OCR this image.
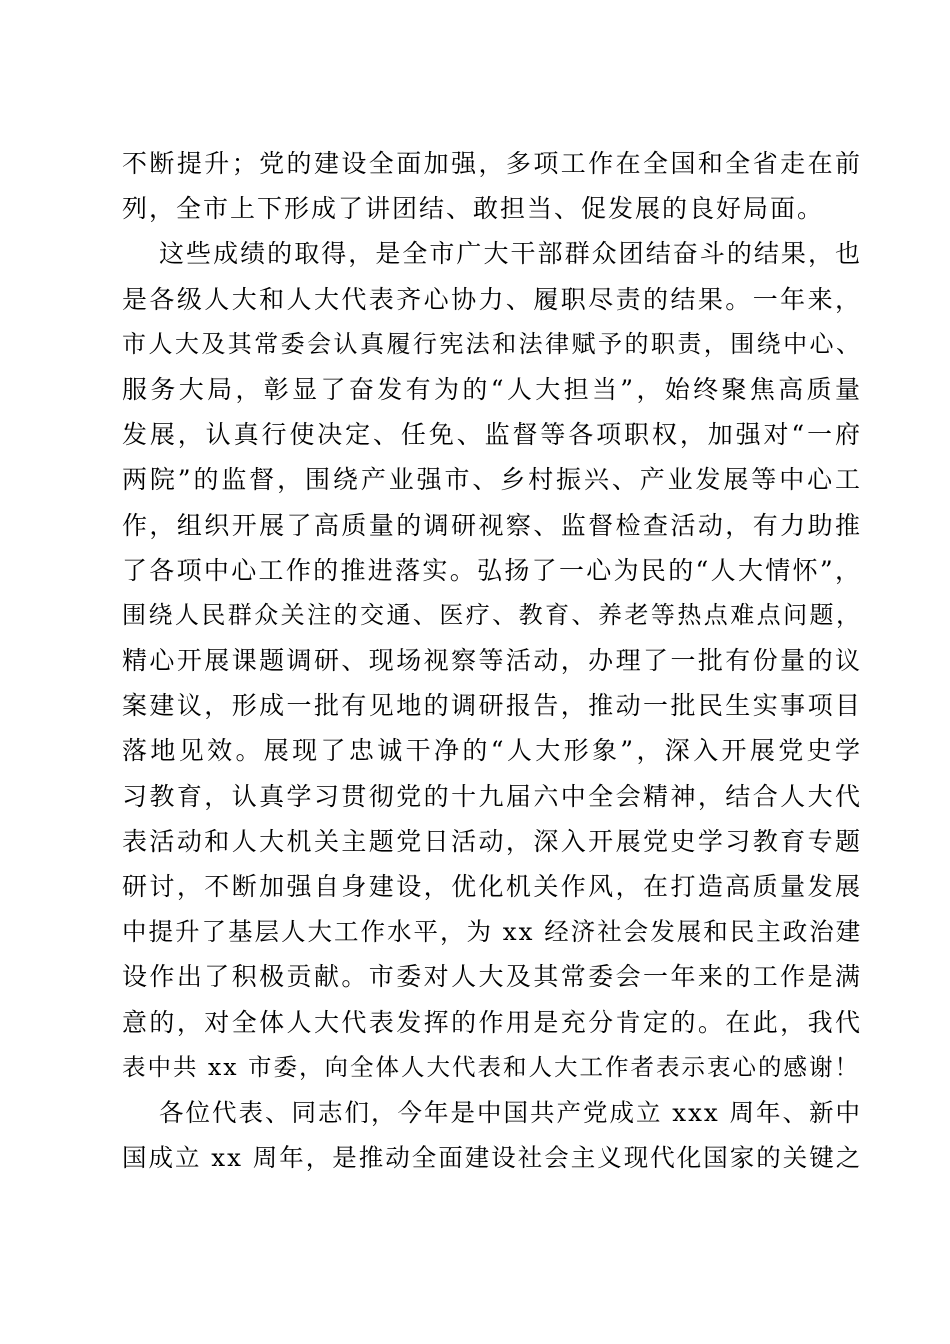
不断提升；党的建设全面加强，多项工作在全国和全省走在前
列，全市上下形成了讲团结、敢担当、促发展的良好局面。
这些成绩的取得，是全市广大干部群众团结奋斗的结果，也
是各级人大和人大代表齐心协力、履职尽责的结果。一年来，
市人大及其常委会认真履行宪法和法律赋予的职责，围绕中心、
服务大局，彰显了奋发有为的“人大担当”，始终聚焦高质量
发展，认真行使决定、任免、监督等各项职权，加强对“一府
两院”的监督，围绕产业强市、乡村振兴、产业发展等中心工
作，组织开展了高质量的调研视察、监督检查活动，有力助推
了各项中心工作的推进落实。弘扬了一心为民的“人大情怀”，
围绕人民群众关注的交通、医疗、教育、养老等热点难点问题，
精心开展课题调研、现场视察等活动，办理了一批有份量的议
案建议，形成一批有见地的调研报告，推动一批民生实事项目
落地见效。展现了忠诚干净的“人大形象”，深入开展党史学
习教育，认真学习贯彻党的十九届六中全会精神，结合人大代
表活动和人大机关主题党日活动，深入开展党史学习教育专题
研讨，不断加强自身建设，优化机关作风，在打造高质量发展
中提升了基层人大工作水平，为 xx 经济社会发展和民主政治建
设作出了积极贡献。市委对人大及其常委会一年来的工作是满
意的，对全体人大代表发挥的作用是充分肯定的。在此，我代
表中共 xx 市委，向全体人大代表和人大工作者表示衷心的感谢！
各位代表、同志们，今年是中国共产党成立 xxx 周年、新中
国成立 xx 周年，是推动全面建设社会主义现代化国家的关键之
